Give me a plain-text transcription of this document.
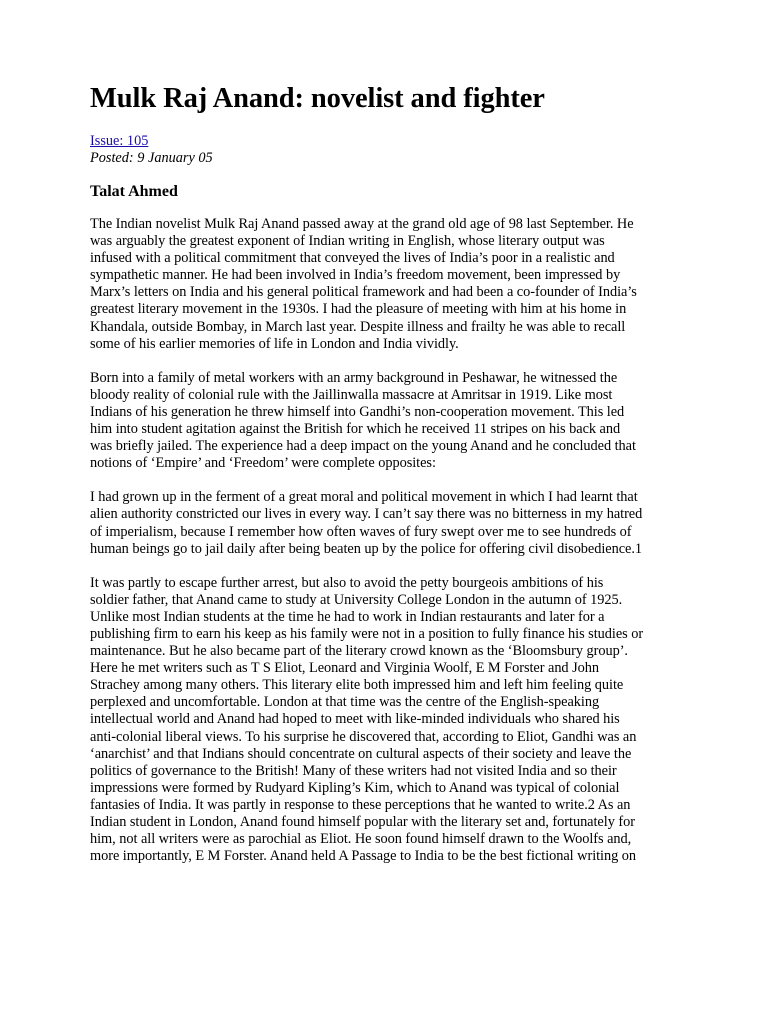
Mulk Raj Anand: novelist and fighter
Issue: 105
Posted: 9 January 05
Talat Ahmed
The Indian novelist Mulk Raj Anand passed away at the grand old age of 98 last September. He
was arguably the greatest exponent of Indian writing in English, whose literary output was
infused with a political commitment that conveyed the lives of India’s poor in a realistic and
sympathetic manner. He had been involved in India’s freedom movement, been impressed by
Marx’s letters on India and his general political framework and had been a co-founder of India’s
greatest literary movement in the 1930s. I had the pleasure of meeting with him at his home in
Khandala, outside Bombay, in March last year. Despite illness and frailty he was able to recall
some of his earlier memories of life in London and India vividly.
Born into a family of metal workers with an army background in Peshawar, he witnessed the
bloody reality of colonial rule with the Jaillinwalla massacre at Amritsar in 1919. Like most
Indians of his generation he threw himself into Gandhi’s non-cooperation movement. This led
him into student agitation against the British for which he received 11 stripes on his back and
was briefly jailed. The experience had a deep impact on the young Anand and he concluded that
notions of ‘Empire’ and ‘Freedom’ were complete opposites:
I had grown up in the ferment of a great moral and political movement in which I had learnt that
alien authority constricted our lives in every way. I can’t say there was no bitterness in my hatred
of imperialism, because I remember how often waves of fury swept over me to see hundreds of
human beings go to jail daily after being beaten up by the police for offering civil disobedience.1
It was partly to escape further arrest, but also to avoid the petty bourgeois ambitions of his
soldier father, that Anand came to study at University College London in the autumn of 1925.
Unlike most Indian students at the time he had to work in Indian restaurants and later for a
publishing firm to earn his keep as his family were not in a position to fully finance his studies or
maintenance. But he also became part of the literary crowd known as the ‘Bloomsbury group’.
Here he met writers such as T S Eliot, Leonard and Virginia Woolf, E M Forster and John
Strachey among many others. This literary elite both impressed him and left him feeling quite
perplexed and uncomfortable. London at that time was the centre of the English-speaking
intellectual world and Anand had hoped to meet with like-minded individuals who shared his
anti-colonial liberal views. To his surprise he discovered that, according to Eliot, Gandhi was an
‘anarchist’ and that Indians should concentrate on cultural aspects of their society and leave the
politics of governance to the British! Many of these writers had not visited India and so their
impressions were formed by Rudyard Kipling’s Kim, which to Anand was typical of colonial
fantasies of India. It was partly in response to these perceptions that he wanted to write.2 As an
Indian student in London, Anand found himself popular with the literary set and, fortunately for
him, not all writers were as parochial as Eliot. He soon found himself drawn to the Woolfs and,
more importantly, E M Forster. Anand held A Passage to India to be the best fictional writing on
